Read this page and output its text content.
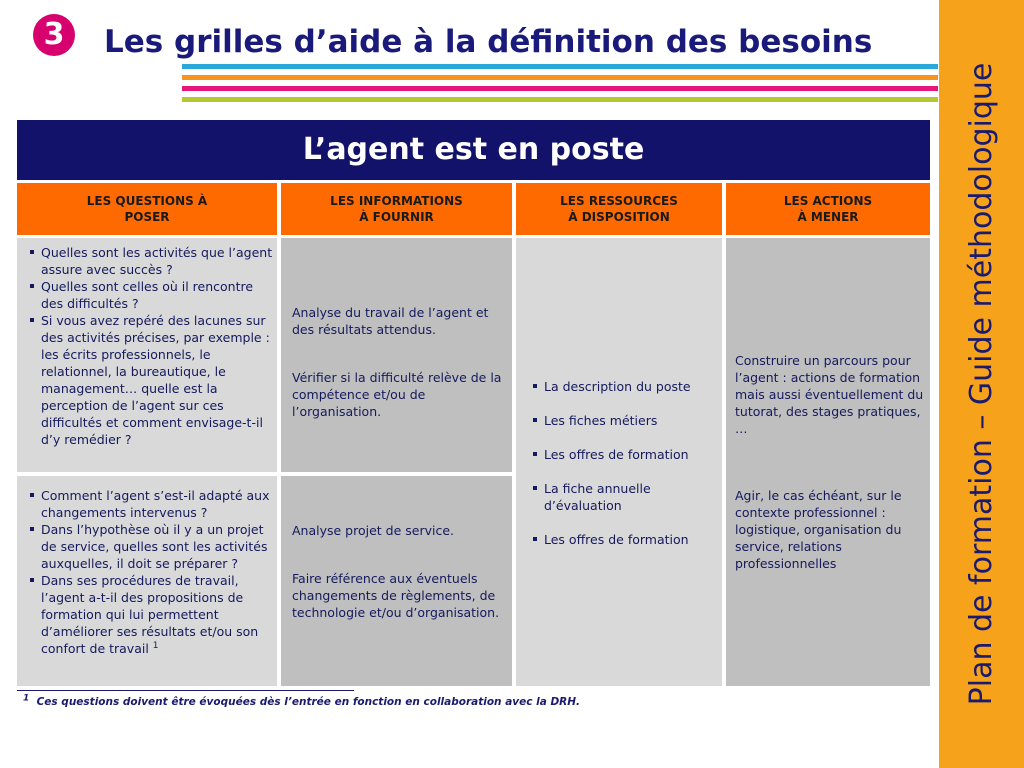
3	Les grilles d’aide à la définition des besoins
Plan de formation – Guide méthodologique
L’agent est en poste
LES QUESTIONS À
POSER
LES INFORMATIONS
À FOURNIR
LES RESSOURCES
À DISPOSITION
LES ACTIONS
À MENER
Quelles sont les activités que l’agent assure avec succès ?
Quelles sont celles où il rencontre des difficultés ?
Si vous avez repéré des lacunes sur des activités précises, par exemple : les écrits professionnels, le relationnel, la bureautique, le management… quelle est la perception de l’agent sur ces difficultés et comment envisage-t-il d’y remédier ?

Analyse du travail de l’agent et des résultats attendus.

Vérifier si la difficulté relève de la compétence et/ou de l’organisation.

Comment l’agent s’est-il adapté aux changements intervenus ?
Dans l’hypothèse où il y a un projet de service, quelles sont les activités auxquelles, il doit se préparer ?
Dans ses procédures de travail, l’agent a-t-il des propositions de formation qui lui permettent d’améliorer ses résultats et/ou son confort de travail $^1$

Analyse projet de service.

Faire référence aux éventuels changements de règlements, de technologie et/ou d’organisation.

La description du poste
Les fiches métiers
Les offres de formation
La fiche annuelle d’évaluation
Les offres de formation

Construire un parcours pour l’agent : actions de formation mais aussi éventuellement du tutorat, des stages pratiques, …

Agir, le cas échéant, sur le contexte professionnel : logistique, organisation du service, relations professionnelles

$^1$ Ces questions doivent être évoquées dès l’entrée en fonction en collaboration avec la DRH.
